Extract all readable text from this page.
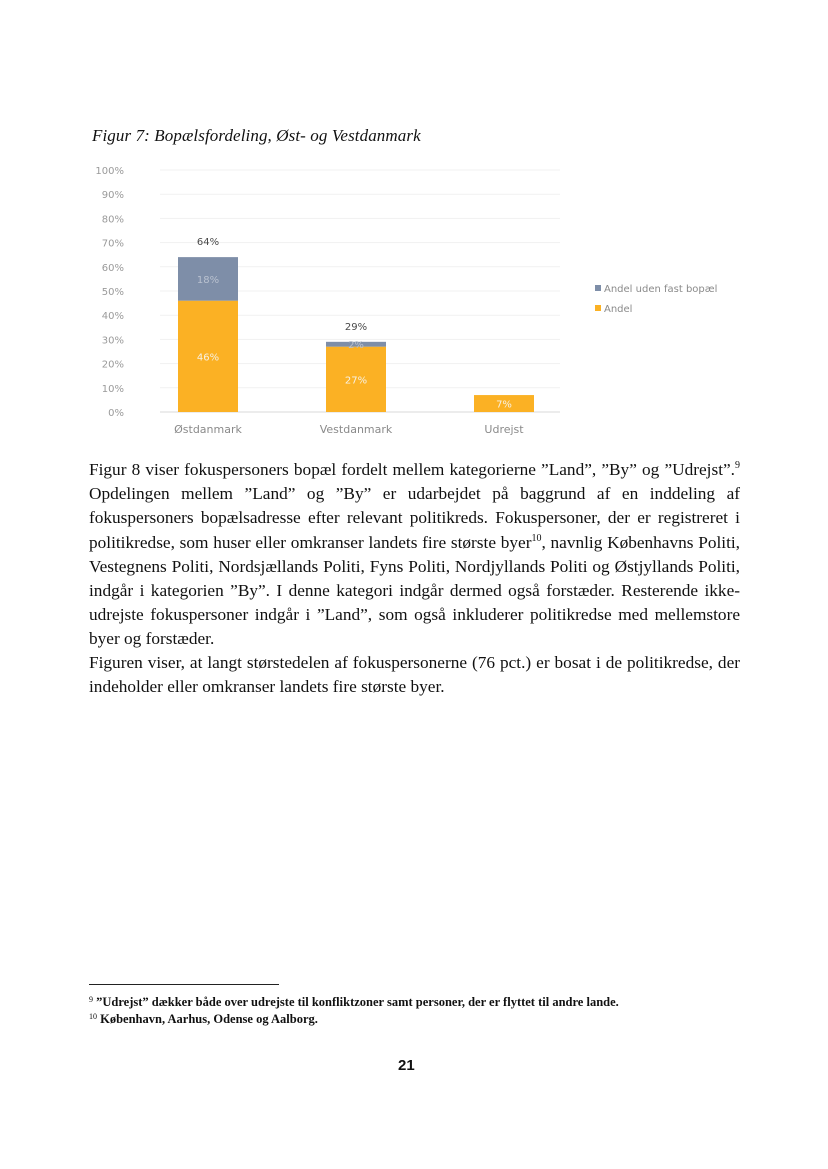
Figur 7: Bopælsfordeling, Øst- og Vestdanmark
0%
10%
20%
30%
40%
50%
60%
70%
80%
90%
100%
46%
18%
64%
Østdanmark
27%
2%
29%
Vestdanmark
7%
Udrejst
Andel uden fast bopæl
Andel
Figur 8 viser fokuspersoners bopæl fordelt mellem kategorierne ”Land”, ”By” og ”Udrejst”.$^9$ Opdelingen mellem ”Land” og ”By” er udarbejdet på baggrund af en inddeling af fokuspersoners bopælsadresse efter relevant politikreds. Fokuspersoner, der er registreret i politikredse, som huser eller omkranser landets fire største byer$^{10}$, navnlig Københavns Politi, Vestegnens Politi, Nordsjællands Politi, Fyns Politi, Nordjyllands Politi og Østjyllands Politi, indgår i kategorien ”By”. I denne kategori indgår dermed også forstæder. Resterende ikke-udrejste fokuspersoner indgår i ”Land”, som også inkluderer politikredse med mellemstore byer og forstæder.
Figuren viser, at langt størstedelen af fokuspersonerne (76 pct.) er bosat i de politikredse, der indeholder eller omkranser landets fire største byer.
$^9$ ”Udrejst” dækker både over udrejste til konfliktzoner samt personer, der er flyttet til andre lande.
$^{10}$ København, Aarhus, Odense og Aalborg.
21
